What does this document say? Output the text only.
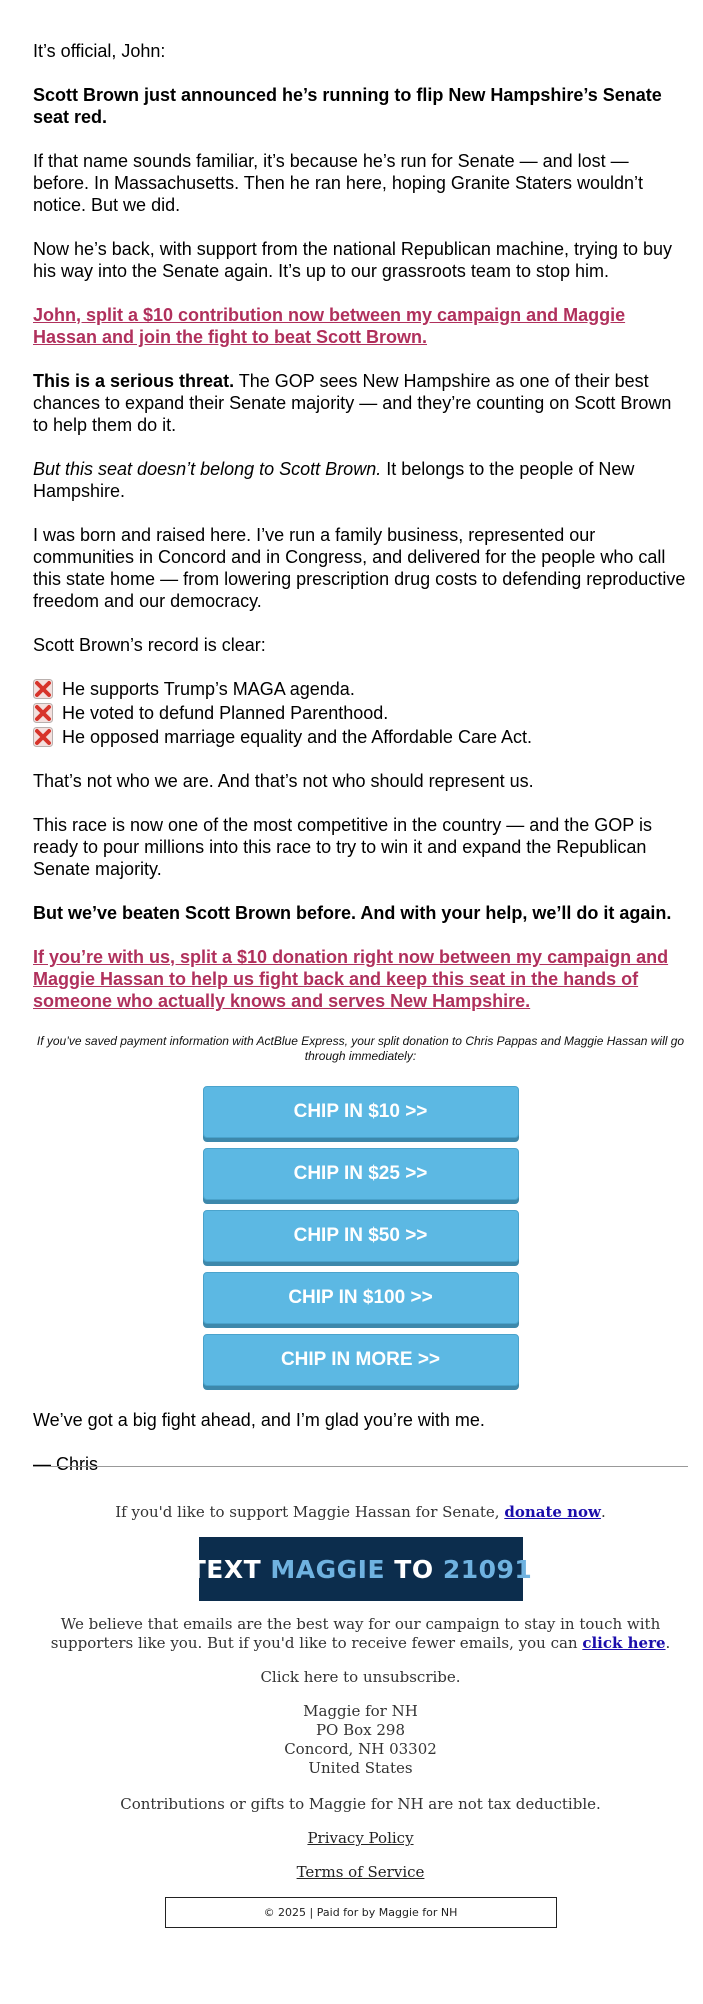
It’s official, John:

Scott Brown just announced he’s running to flip New Hampshire’s Senate seat red.

If that name sounds familiar, it’s because he’s run for Senate — and lost — before. In Massachusetts. Then he ran here, hoping Granite Staters wouldn’t notice. But we did.

Now he’s back, with support from the national Republican machine, trying to buy his way into the Senate again. It’s up to our grassroots team to stop him.

John, split a $10 contribution now between my campaign and Maggie Hassan and join the fight to beat Scott Brown.

This is a serious threat. The GOP sees New Hampshire as one of their best chances to expand their Senate majority — and they’re counting on Scott Brown to help them do it.

But this seat doesn’t belong to Scott Brown. It belongs to the people of New Hampshire.

I was born and raised here. I’ve run a family business, represented our communities in Concord and in Congress, and delivered for the people who call this state home — from lowering prescription drug costs to defending reproductive freedom and our democracy.

Scott Brown’s record is clear:

He supports Trump’s MAGA agenda.
He voted to defund Planned Parenthood.
He opposed marriage equality and the Affordable Care Act.

That’s not who we are. And that’s not who should represent us.

This race is now one of the most competitive in the country — and the GOP is ready to pour millions into this race to try to win it and expand the Republican Senate majority.

But we’ve beaten Scott Brown before. And with your help, we’ll do it again.

If you’re with us, split a $10 donation right now between my campaign and Maggie Hassan to help us fight back and keep this seat in the hands of someone who actually knows and serves New Hampshire.

If you’ve saved payment information with ActBlue Express, your split donation to Chris Pappas and Maggie Hassan will go through immediately:

CHIP IN $10 >>
CHIP IN $25 >>
CHIP IN $50 >>
CHIP IN $100 >>
CHIP IN MORE >>

We’ve got a big fight ahead, and I’m glad you’re with me.

— Chris

If you'd like to support Maggie Hassan for Senate, donate now.

TEXT
MAGGIE
TO
21091

We believe that emails are the best way for our campaign to stay in touch with supporters like you. But if you'd like to receive fewer emails, you can click here.

Click here to unsubscribe.

Maggie for NH

PO Box 298

Concord, NH 03302

United States

Contributions or gifts to Maggie for NH are not tax deductible.

Privacy Policy

Terms of Service

© 2025 | Paid for by Maggie for NH
